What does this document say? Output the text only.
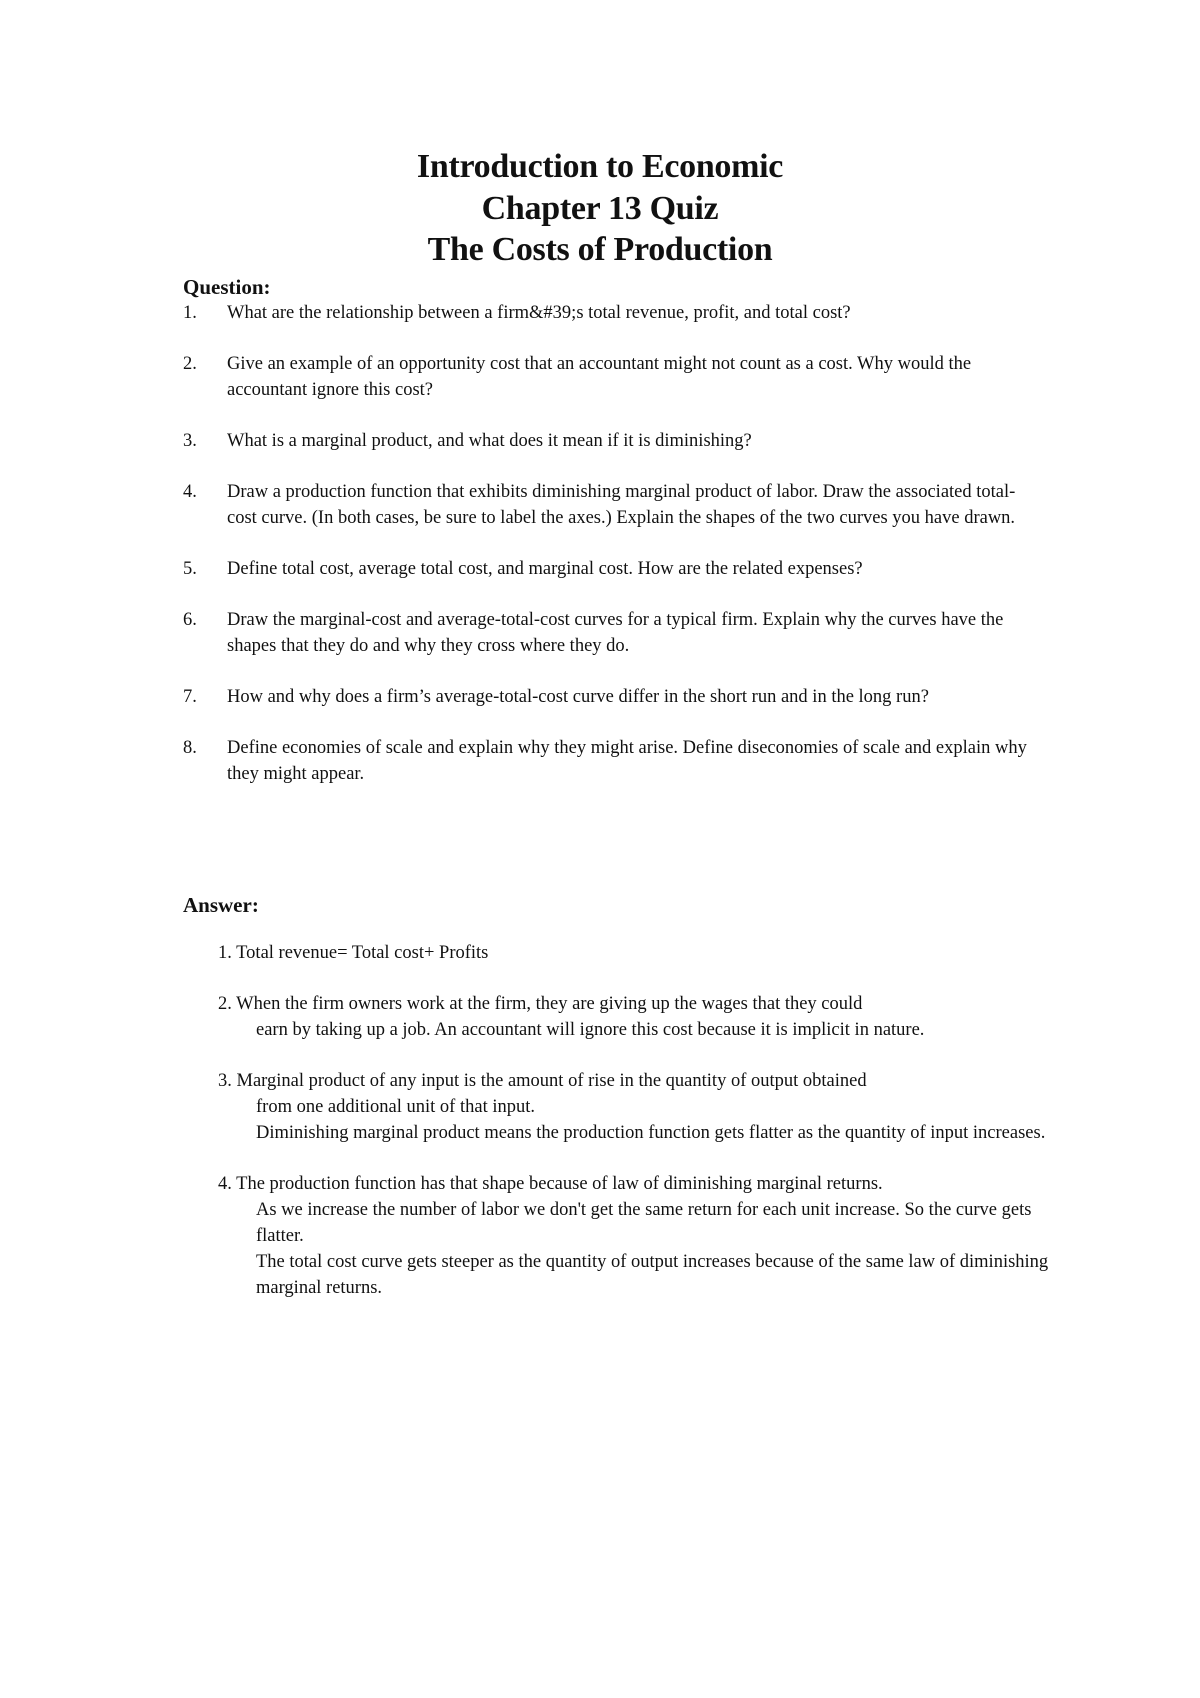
Introduction to Economic
Chapter 13 Quiz
The Costs of Production
Question:
1.	What are the relationship between a firm&#39;s total revenue, profit, and total cost?
2.	Give an example of an opportunity cost that an accountant might not count as a cost. Why would the accountant ignore this cost?
3.	What is a marginal product, and what does it mean if it is diminishing?
4.	Draw a production function that exhibits diminishing marginal product of labor. Draw the associated total-cost curve. (In both cases, be sure to label the axes.) Explain the shapes of the two curves you have drawn.
5.	Define total cost, average total cost, and marginal cost. How are the related expenses?
6.	Draw the marginal-cost and average-total-cost curves for a typical firm. Explain why the curves have the shapes that they do and why they cross where they do.
7.	How and why does a firm’s average-total-cost curve differ in the short run and in the long run?
8.	Define economies of scale and explain why they might arise. Define diseconomies of scale and explain why they might appear.
Answer:
1. Total revenue= Total cost+ Profits
2. When the firm owners work at the firm, they are giving up the wages that they could
earn by taking up a job. An accountant will ignore this cost because it is implicit in nature.
3. Marginal product of any input is the amount of rise in the quantity of output obtained
from one additional unit of that input.
Diminishing marginal product means the production function gets flatter as the quantity of input increases.
4. The production function has that shape because of law of diminishing marginal returns.
As we increase the number of labor we don't get the same return for each unit increase. So the curve gets flatter.
The total cost curve gets steeper as the quantity of output increases because of the same law of diminishing marginal returns.
